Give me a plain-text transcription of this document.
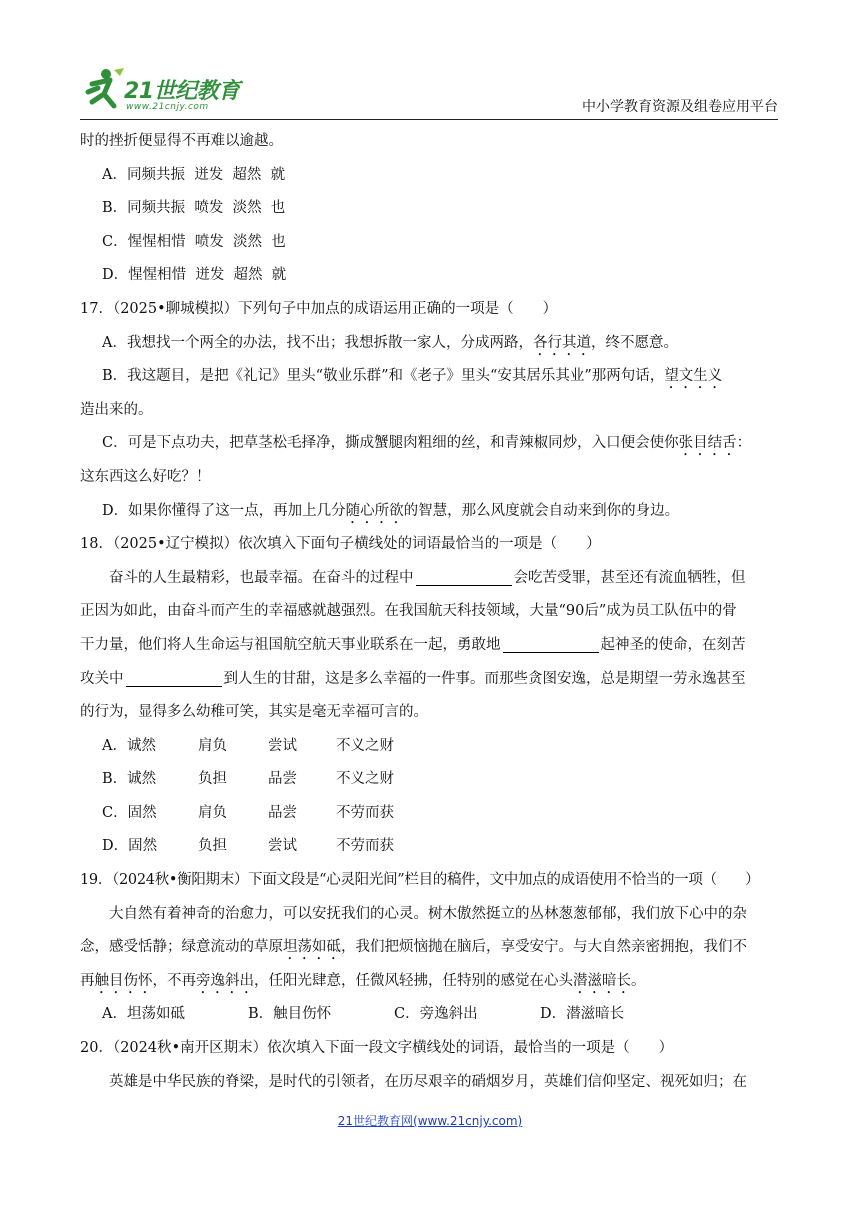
21世纪教育
www.21cnjy.com	中小学教育资源及组卷应用平台
时的挫折便显得不再难以逾越。
A．同频共振  迸发  超然  就
B．同频共振  喷发  淡然  也
C．惺惺相惜  喷发  淡然  也
D．惺惺相惜  迸发  超然  就
17．（2025•聊城模拟）下列句子中加点的成语运用正确的一项是（　　）
A．我想找一个两全的办法，找不出；我想拆散一家人，分成两路，各行其道，终不愿意。
B．我这题目，是把《礼记》里头“敬业乐群”和《老子》里头“安其居乐其业”那两句话，望文生义
造出来的。
C．可是下点功夫，把草茎松毛择净，撕成蟹腿肉粗细的丝，和青辣椒同炒，入口便会使你张目结舌：
这东西这么好吃？！
D．如果你懂得了这一点，再加上几分随心所欲的智慧，那么风度就会自动来到你的身边。
18．（2025•辽宁模拟）依次填入下面句子横线处的词语最恰当的一项是（　　）
奋斗的人生最精彩，也最幸福。在奋斗的过程中	会吃苦受罪，甚至还有流血牺牲，但
正因为如此，由奋斗而产生的幸福感就越强烈。在我国航天科技领域，大量“90后”成为员工队伍中的骨
干力量，他们将人生命运与祖国航空航天事业联系在一起，勇敢地	起神圣的使命，在刻苦
攻关中	到人生的甘甜，这是多么幸福的一件事。而那些贪图安逸，总是期望一劳永逸甚至
的行为，显得多么幼稚可笑，其实是毫无幸福可言的。
A．诚然	肩负	尝试	不义之财
B．诚然	负担	品尝	不义之财
C．固然	肩负	品尝	不劳而获
D．固然	负担	尝试	不劳而获
19．（2024秋•衡阳期末）下面文段是“心灵阳光间”栏目的稿件，文中加点的成语使用不恰当的一项（　　）
大自然有着神奇的治愈力，可以安抚我们的心灵。树木傲然挺立的丛林葱葱郁郁，我们放下心中的杂
念，感受恬静；绿意流动的草原坦荡如砥，我们把烦恼抛在脑后，享受安宁。与大自然亲密拥抱，我们不
再触目伤怀，不再旁逸斜出，任阳光肆意，任微风轻拂，任特别的感觉在心头潜滋暗长。
A．坦荡如砥	B．触目伤怀	C．旁逸斜出	D．潜滋暗长
20．（2024秋•南开区期末）依次填入下面一段文字横线处的词语，最恰当的一项是（　　）
英雄是中华民族的脊梁，是时代的引领者，在历尽艰辛的硝烟岁月，英雄们信仰坚定、视死如归；在
21世纪教育网(www.21cnjy.com)
